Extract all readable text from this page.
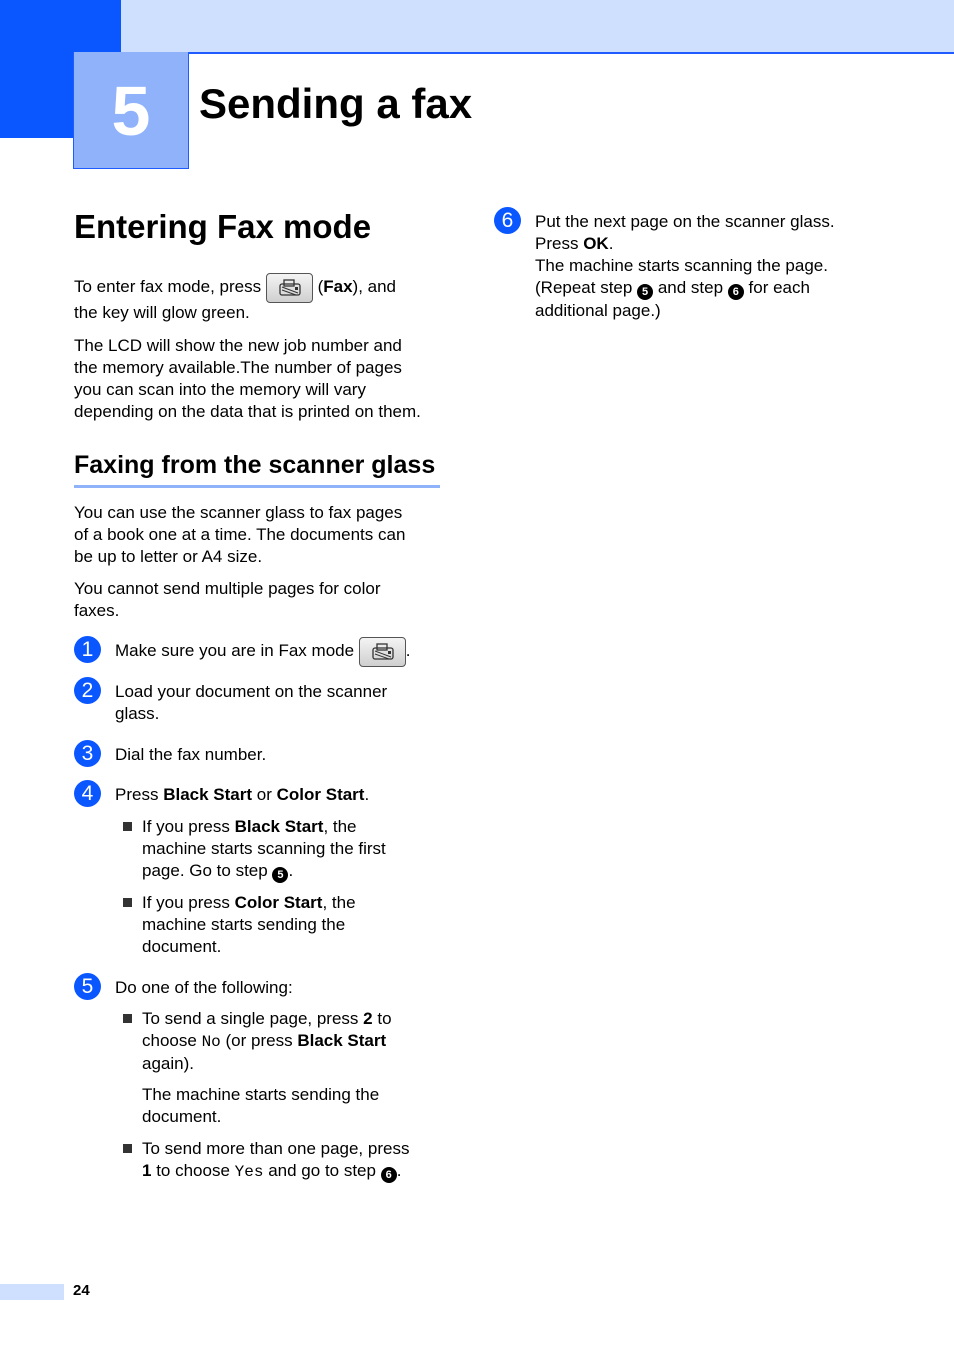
5	Sending a fax
Entering Fax mode
To enter fax mode, press	(Fax), and
the key will glow green.
The LCD will show the new job number and
the memory available.The number of pages
you can scan into the memory will vary
depending on the data that is printed on them.
Faxing from the scanner glass
You can use the scanner glass to fax pages
of a book one at a time. The documents can
be up to letter or A4 size.
You cannot send multiple pages for color
faxes.
1	Make sure you are in Fax mode	.
2	Load your document on the scanner
glass.
3	Dial the fax number.
4	Press Black Start or Color Start.
If you press Black Start, the
machine starts scanning the first
page. Go to step 5 .
If you press Color Start, the
machine starts sending the
document.
5	Do one of the following:
To send a single page, press 2 to
choose No (or press Black Start
again).
The machine starts sending the
document.
To send more than one page, press
1 to choose Yes and go to step 6 .
6	Put the next page on the scanner glass.
Press OK.
The machine starts scanning the page.
(Repeat step 5 and step 6 for each
additional page.)
24
